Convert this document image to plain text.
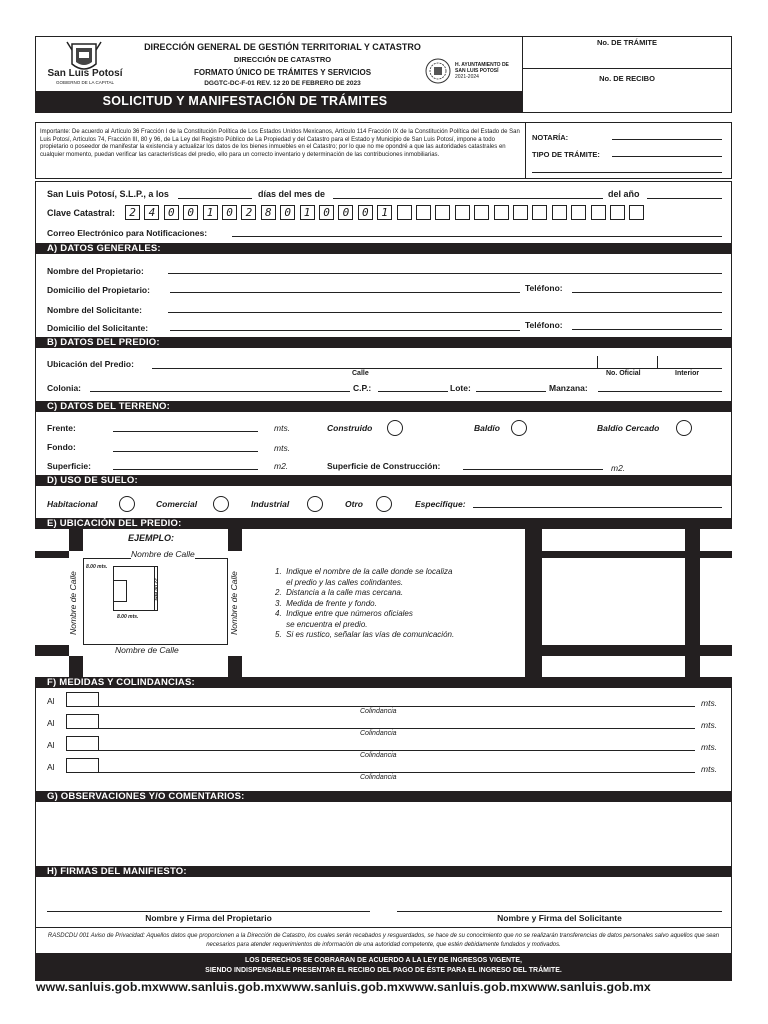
No. DE TRÁMITE
No. DE RECIBO
San Luis Potosí
GOBIERNO DE LA CAPITAL
DIRECCIÓN GENERAL DE GESTIÓN TERRITORIAL Y CATASTRO
DIRECCIÓN DE CATASTRO
FORMATO ÚNICO DE TRÁMITES Y SERVICIOS
DGGTC-DC-F-01 REV. 12 20 DE FEBRERO DE 2023
H. AYUNTAMIENTO DE
SAN LUIS POTOSÍ
2021-2024
SOLICITUD Y MANIFESTACIÓN DE TRÁMITES
Importante: De acuerdo al Artículo 36 Fracción I de la Constitución Política de Los Estados Unidos Mexicanos, Artículo 114 Fracción IX de la Constitución Política del Estado de San Luis Potosí, Artículos 74, Fracción III, 80 y 96, de La Ley del Registro Público de La Propiedad y del Catastro para el Estado y Municipio de San Luis Potosí, impone a todo propietario o poseedor de manifestar la existencia y actualizar los datos de los bienes inmuebles en el Catastro; por lo que no me opondré a que las autoridades catastrales en cualquier momento, puedan verificar las características del predio, ello para un correcto inventario y determinación de las contribuciones inmobiliarias.
NOTARÍA:
TIPO DE TRÁMITE:
San Luis Potosí, S.L.P., a los	días del mes de	del año
Clave Catastral:	2	4	0	0	1	0	2	8	0	1	0	0	0	1
Correo Electrónico para Notificaciones:
A) DATOS GENERALES:
Nombre del Propietario:
Domicilio del Propietario:	Teléfono:
Nombre del Solicitante:
Domicilio del Solicitante:	Teléfono:
B) DATOS DEL PREDIO:
Ubicación del Predio:
Calle	No. Oficial	Interior
Colonia:	C.P.:	Lote:	Manzana:
C) DATOS DEL TERRENO:
Frente:	mts.	Construido	Baldío	Baldío Cercado
Fondo:	mts.
Superficie:	m2.	Superficie de Construcción:	m2.
D) USO DE SUELO:
Habitacional	Comercial	Industrial	Otro	Especifique:
E) UBICACIÓN DEL PREDIO:
EJEMPLO:
Nombre de Calle
Nombre de Calle
Nombre de Calle	Nombre de Calle
8.00 mts.
22.00 mts.
8.00 mts.
1.  Indique el nombre de la calle donde se localiza
el predio y las calles colindantes.
2.  Distancia a la calle mas cercana.
3.  Medida de frente y fondo.
4.  Indique entre que números oficiales
se encuentra el predio.
5.  Si es rustico, señalar las vías de comunicación.
F) MEDIDAS Y COLINDANCIAS:
Al	mts.
Colindancia
Al	mts.
Colindancia
Al	mts.
Colindancia
Al	mts.
Colindancia
G) OBSERVACIONES Y/O COMENTARIOS:
H) FIRMAS DEL MANIFIESTO:
Nombre y Firma del Propietario	Nombre y Firma del Solicitante
RASDCDU 001 Aviso de Privacidad: Aquellos datos que proporcionen a la Dirección de Catastro, los cuales serán recabados y resguardados, se hace de su conocimiento que no se realizarán transferencias de datos personales salvo aquellos que sean necesarios para atender requerimientos de información de una autoridad competente, que estén debidamente fundados y motivados.
LOS DERECHOS SE COBRARAN DE ACUERDO A LA LEY DE INGRESOS VIGENTE,
SIENDO INDISPENSABLE PRESENTAR EL RECIBO DEL PAGO DE ÉSTE PARA EL INGRESO DEL TRÁMITE.
www.sanluis.gob.mxwww.sanluis.gob.mxwww.sanluis.gob.mxwww.sanluis.gob.mxwww.sanluis.gob.mx
